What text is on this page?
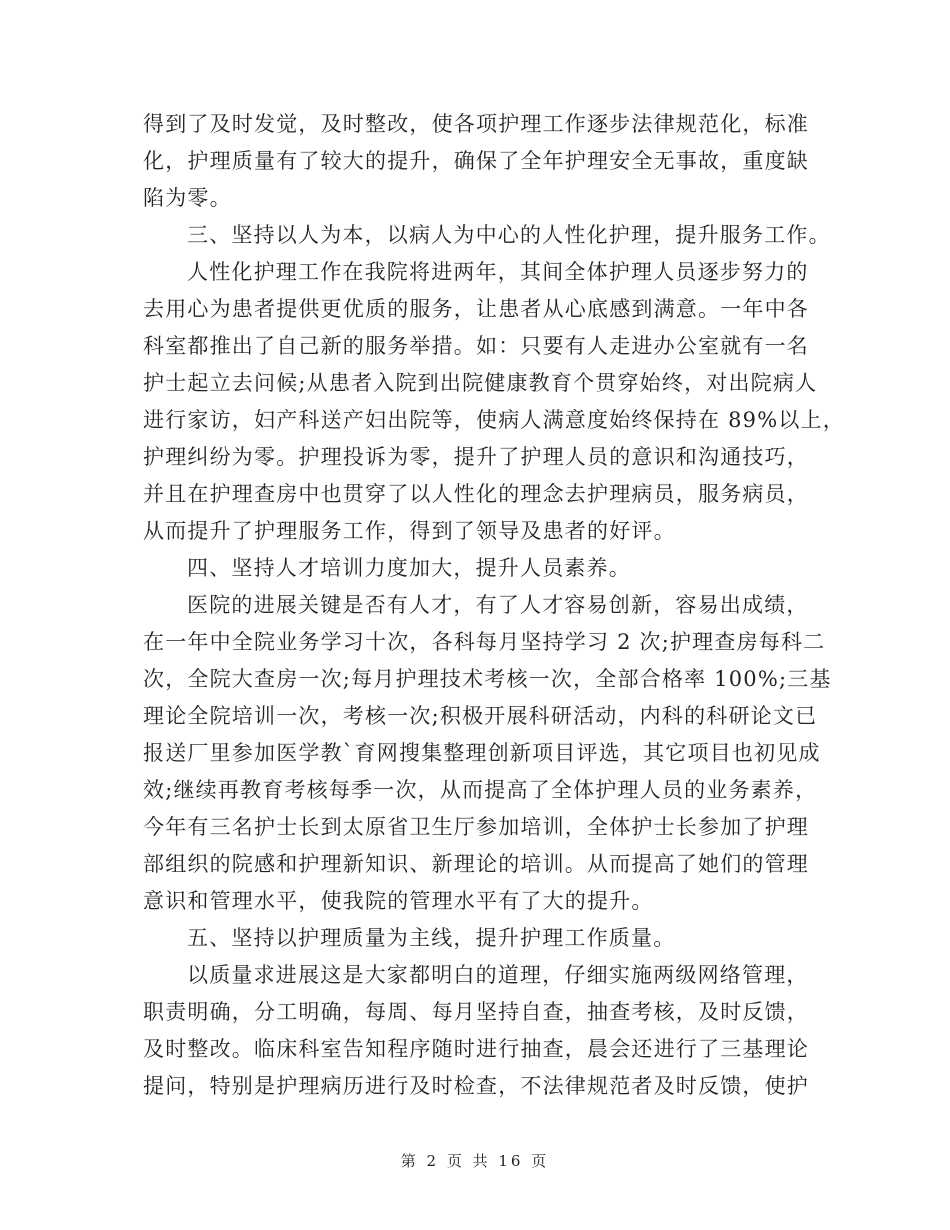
得到了及时发觉，及时整改，使各项护理工作逐步法律规范化，标准
化，护理质量有了较大的提升，确保了全年护理安全无事故，重度缺
陷为零。
三、坚持以人为本，以病人为中心的人性化护理，提升服务工作。
人性化护理工作在我院将进两年，其间全体护理人员逐步努力的
去用心为患者提供更优质的服务，让患者从心底感到满意。一年中各
科室都推出了自己新的服务举措。如：只要有人走进办公室就有一名
护士起立去问候;从患者入院到出院健康教育个贯穿始终，对出院病人
进行家访，妇产科送产妇出院等，使病人满意度始终保持在 89%以上，
护理纠纷为零。护理投诉为零，提升了护理人员的意识和沟通技巧，
并且在护理查房中也贯穿了以人性化的理念去护理病员，服务病员，
从而提升了护理服务工作，得到了领导及患者的好评。
四、坚持人才培训力度加大，提升人员素养。
医院的进展关键是否有人才，有了人才容易创新，容易出成绩，
在一年中全院业务学习十次，各科每月坚持学习 2 次;护理查房每科二
次，全院大查房一次;每月护理技术考核一次，全部合格率 100%;三基
理论全院培训一次，考核一次;积极开展科研活动，内科的科研论文已
报送厂里参加医学教`育网搜集整理创新项目评选，其它项目也初见成
效;继续再教育考核每季一次，从而提高了全体护理人员的业务素养，
今年有三名护士长到太原省卫生厅参加培训，全体护士长参加了护理
部组织的院感和护理新知识、新理论的培训。从而提高了她们的管理
意识和管理水平，使我院的管理水平有了大的提升。
五、坚持以护理质量为主线，提升护理工作质量。
以质量求进展这是大家都明白的道理，仔细实施两级网络管理，
职责明确，分工明确，每周、每月坚持自查，抽查考核，及时反馈，
及时整改。临床科室告知程序随时进行抽查，晨会还进行了三基理论
提问，特别是护理病历进行及时检查，不法律规范者及时反馈，使护
第 2 页 共 16 页
